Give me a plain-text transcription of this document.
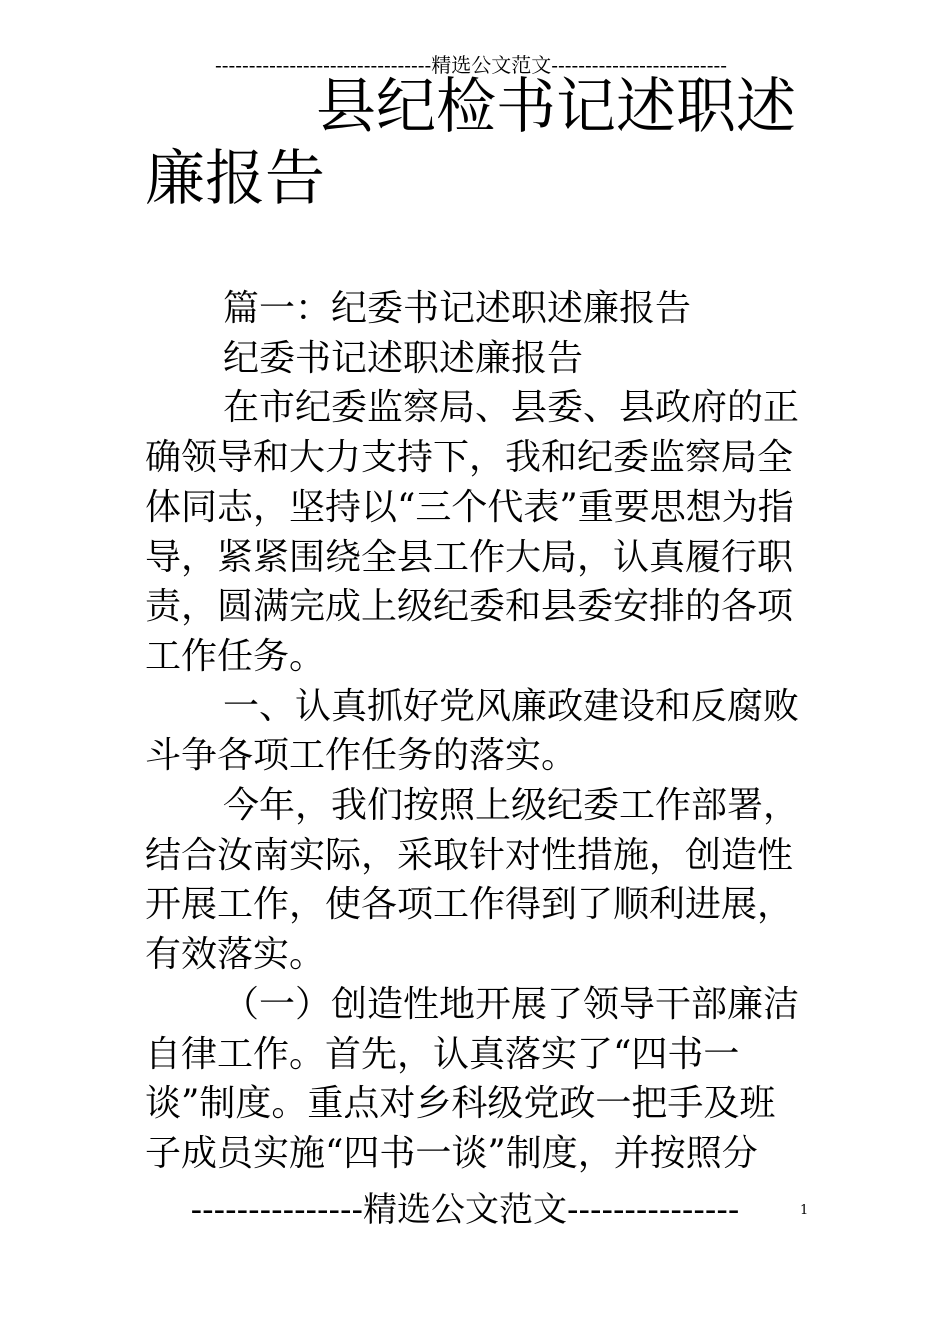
--------------------------------精选公文范文--------------------------
县纪检书记述职述
廉报告

篇一：纪委书记述职述廉报告

纪委书记述职述廉报告

在市纪委监察局、县委、县政府的正确领导和大力支持下，我和纪委监察局全体同志，坚持以“三个代表”重要思想为指导，紧紧围绕全县工作大局，认真履行职责，圆满完成上级纪委和县委安排的各项工作任务。

一、认真抓好党风廉政建设和反腐败斗争各项工作任务的落实。

今年，我们按照上级纪委工作部署，结合汝南实际，采取针对性措施，创造性开展工作，使各项工作得到了顺利进展，有效落实。

（一）创造性地开展了领导干部廉洁自律工作。首先，认真落实了“四书一谈”制度。重点对乡科级党政一把手及班子成员实施“四书一谈”制度，并按照分

---------------精选公文范文---------------	1
